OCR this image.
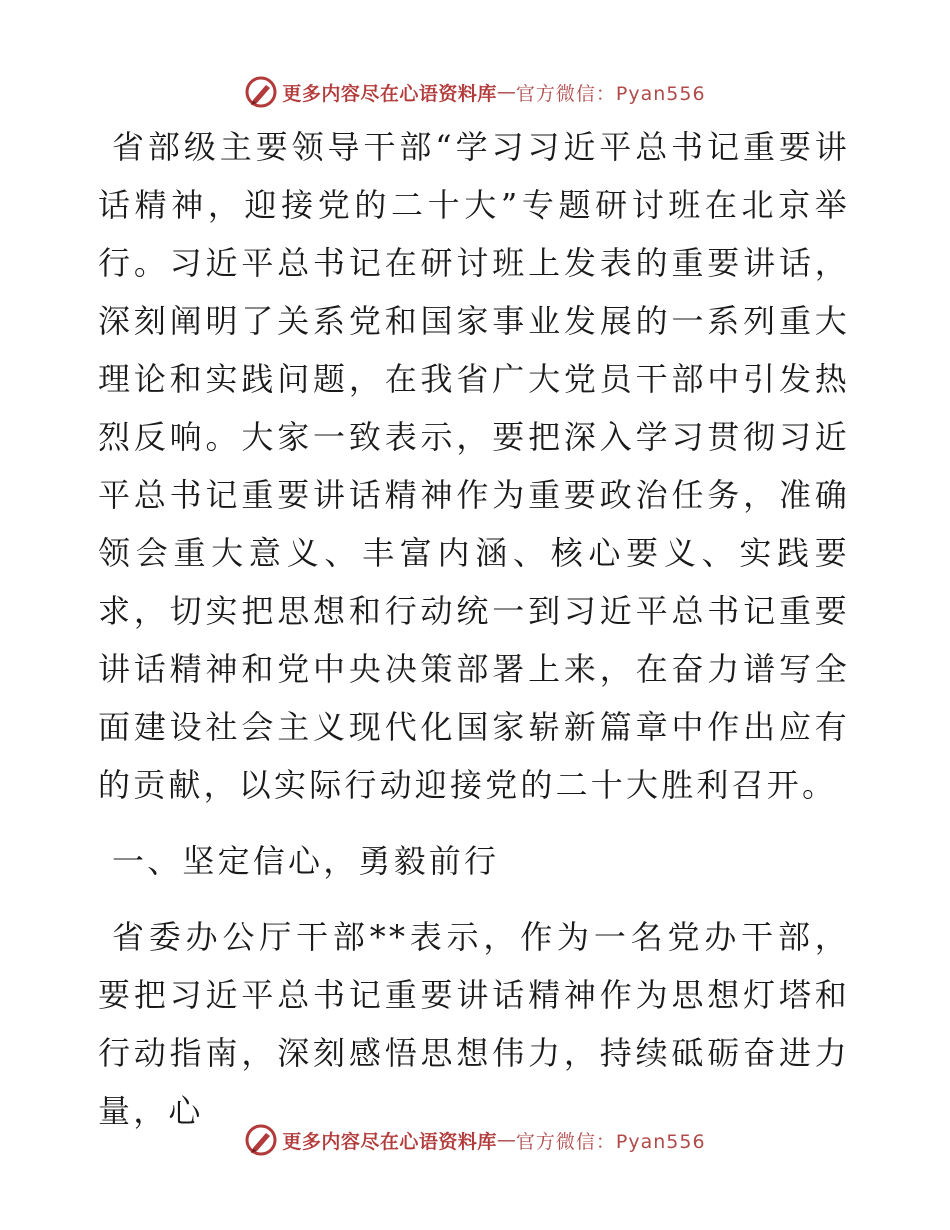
更多内容尽在心语资料库 — 官方微信：Pyan556

省部级主要领导干部“学习习近平总书记重要讲话精神，迎接党的二十大”专题研讨班在北京举行。习近平总书记在研讨班上发表的重要讲话，深刻阐明了关系党和国家事业发展的一系列重大理论和实践问题，在我省广大党员干部中引发热烈反响。大家一致表示，要把深入学习贯彻习近平总书记重要讲话精神作为重要政治任务，准确领会重大意义、丰富内涵、核心要义、实践要求，切实把思想和行动统一到习近平总书记重要讲话精神和党中央决策部署上来，在奋力谱写全面建设社会主义现代化国家崭新篇章中作出应有的贡献，以实际行动迎接党的二十大胜利召开。

一、坚定信心，勇毅前行

省委办公厅干部**表示，作为一名党办干部，要把习近平总书记重要讲话精神作为思想灯塔和行动指南，深刻感悟思想伟力，持续砥砺奋进力量，心

更多内容尽在心语资料库 — 官方微信：Pyan556
